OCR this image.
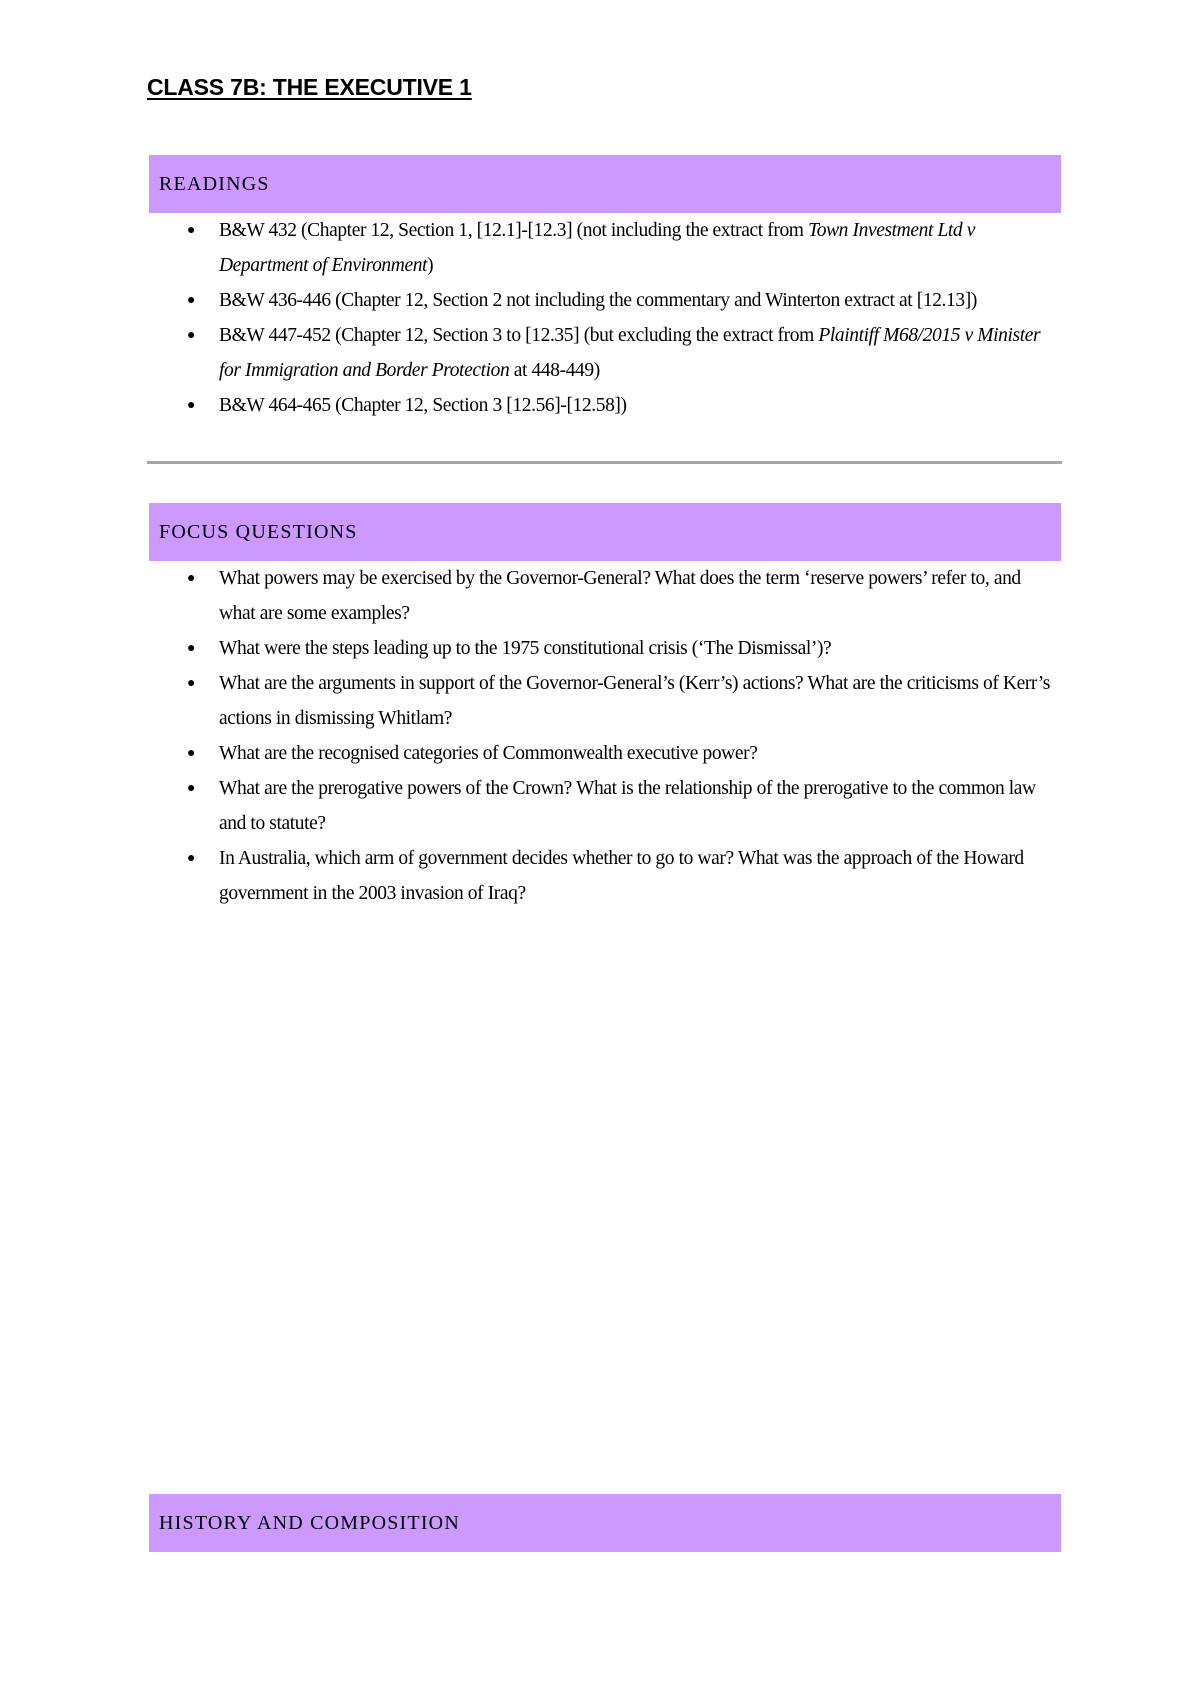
CLASS 7B: THE EXECUTIVE 1
READINGS
● B&W 432 (Chapter 12, Section 1, [12.1]-[12.3] (not including the extract from Town Investment Ltd v Department of Environment)
● B&W 436-446 (Chapter 12, Section 2 not including the commentary and Winterton extract at [12.13])
● B&W 447-452 (Chapter 12, Section 3 to [12.35] (but excluding the extract from Plaintiff M68/2015 v Minister for Immigration and Border Protection at 448-449)
● B&W 464-465 (Chapter 12, Section 3 [12.56]-[12.58])
FOCUS QUESTIONS
● What powers may be exercised by the Governor-General? What does the term ‘reserve powers’ refer to, and what are some examples?
● What were the steps leading up to the 1975 constitutional crisis (‘The Dismissal’)?
● What are the arguments in support of the Governor-General’s (Kerr’s) actions? What are the criticisms of Kerr’s actions in dismissing Whitlam?
● What are the recognised categories of Commonwealth executive power?
● What are the prerogative powers of the Crown? What is the relationship of the prerogative to the common law and to statute?
● In Australia, which arm of government decides whether to go to war? What was the approach of the Howard government in the 2003 invasion of Iraq?
HISTORY AND COMPOSITION
